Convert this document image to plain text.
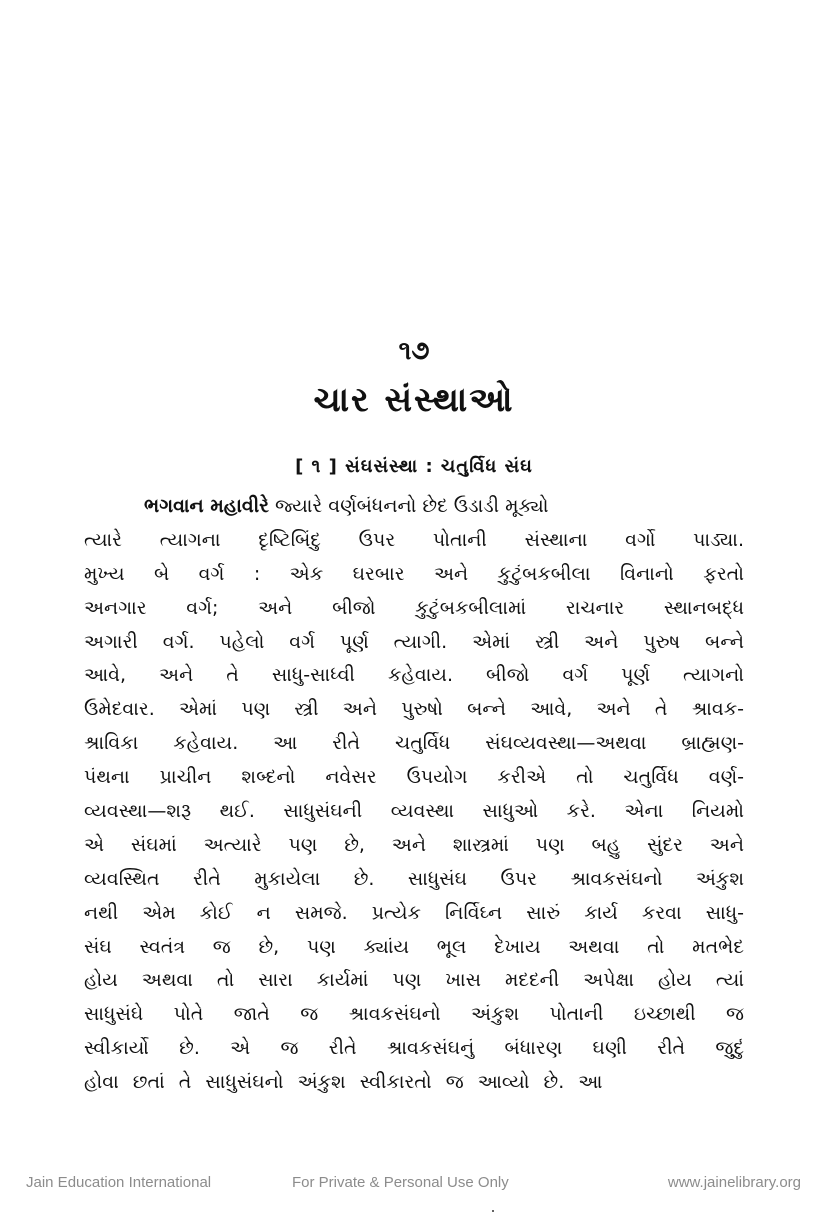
૧૭
ચાર સંસ્થાઓ
[ ૧ ] સંઘસંસ્થા : ચતુર્વિધ સંઘ
ભગવાન મહાવીરે જ્યારે વર્ણબંધનનો છેદ ઉડાડી મૂક્યો
ત્યારે ત્યાગના દૃષ્ટિબિંદુ ઉપર પોતાની સંસ્થાના વર્ગો પાડ્યા.
મુખ્ય બે વર્ગ : એક ઘરબાર અને કુટુંબકબીલા વિનાનો ફરતો
અનગાર વર્ગ; અને બીજો કુટુંબકબીલામાં રાચનાર સ્થાનબદ્ધ
અગારી વર્ગ. પહેલો વર્ગ પૂર્ણ ત્યાગી. એમાં સ્ત્રી અને પુરુષ બન્ને
આવે, અને તે સાધુ-સાધ્વી કહેવાય. બીજો વર્ગ પૂર્ણ ત્યાગનો
ઉમેદવાર. એમાં પણ સ્ત્રી અને પુરુષો બન્ને આવે, અને તે શ્રાવક-
શ્રાવિકા કહેવાય. આ રીતે ચતુર્વિધ સંઘવ્યવસ્થા—અથવા બ્રાહ્મણ-
પંથના પ્રાચીન શબ્દનો નવેસર ઉપયોગ કરીએ તો ચતુર્વિધ વર્ણ-
વ્યવસ્થા—શરૂ થઈ. સાધુસંઘની વ્યવસ્થા સાધુઓ કરે. એના નિયમો
એ સંઘમાં અત્યારે પણ છે, અને શાસ્ત્રમાં પણ બહુ સુંદર અને
વ્યવસ્થિત રીતે મુકાયેલા છે. સાધુસંઘ ઉપર શ્રાવકસંઘનો અંકુશ
નથી એમ કોઈ ન સમજે. પ્રત્યેક નિર્વિઘ્ન સારું કાર્ય કરવા સાધુ-
સંઘ સ્વતંત્ર જ છે, પણ ક્યાંય ભૂલ દેખાય અથવા તો મતભેદ
હોય અથવા તો સારા કાર્યમાં પણ ખાસ મદદની અપેક્ષા હોય ત્યાં
સાધુસંઘે પોતે જાતે જ શ્રાવકસંઘનો અંકુશ પોતાની ઇચ્છાથી જ
સ્વીકાર્યો છે. એ જ રીતે શ્રાવકસંઘનું બંધારણ ઘણી રીતે જુદું
હોવા છતાં તે સાધુસંઘનો અંકુશ સ્વીકારતો જ આવ્યો છે. આ
Jain Education International	For Private & Personal Use Only	www.jainelibrary.org
